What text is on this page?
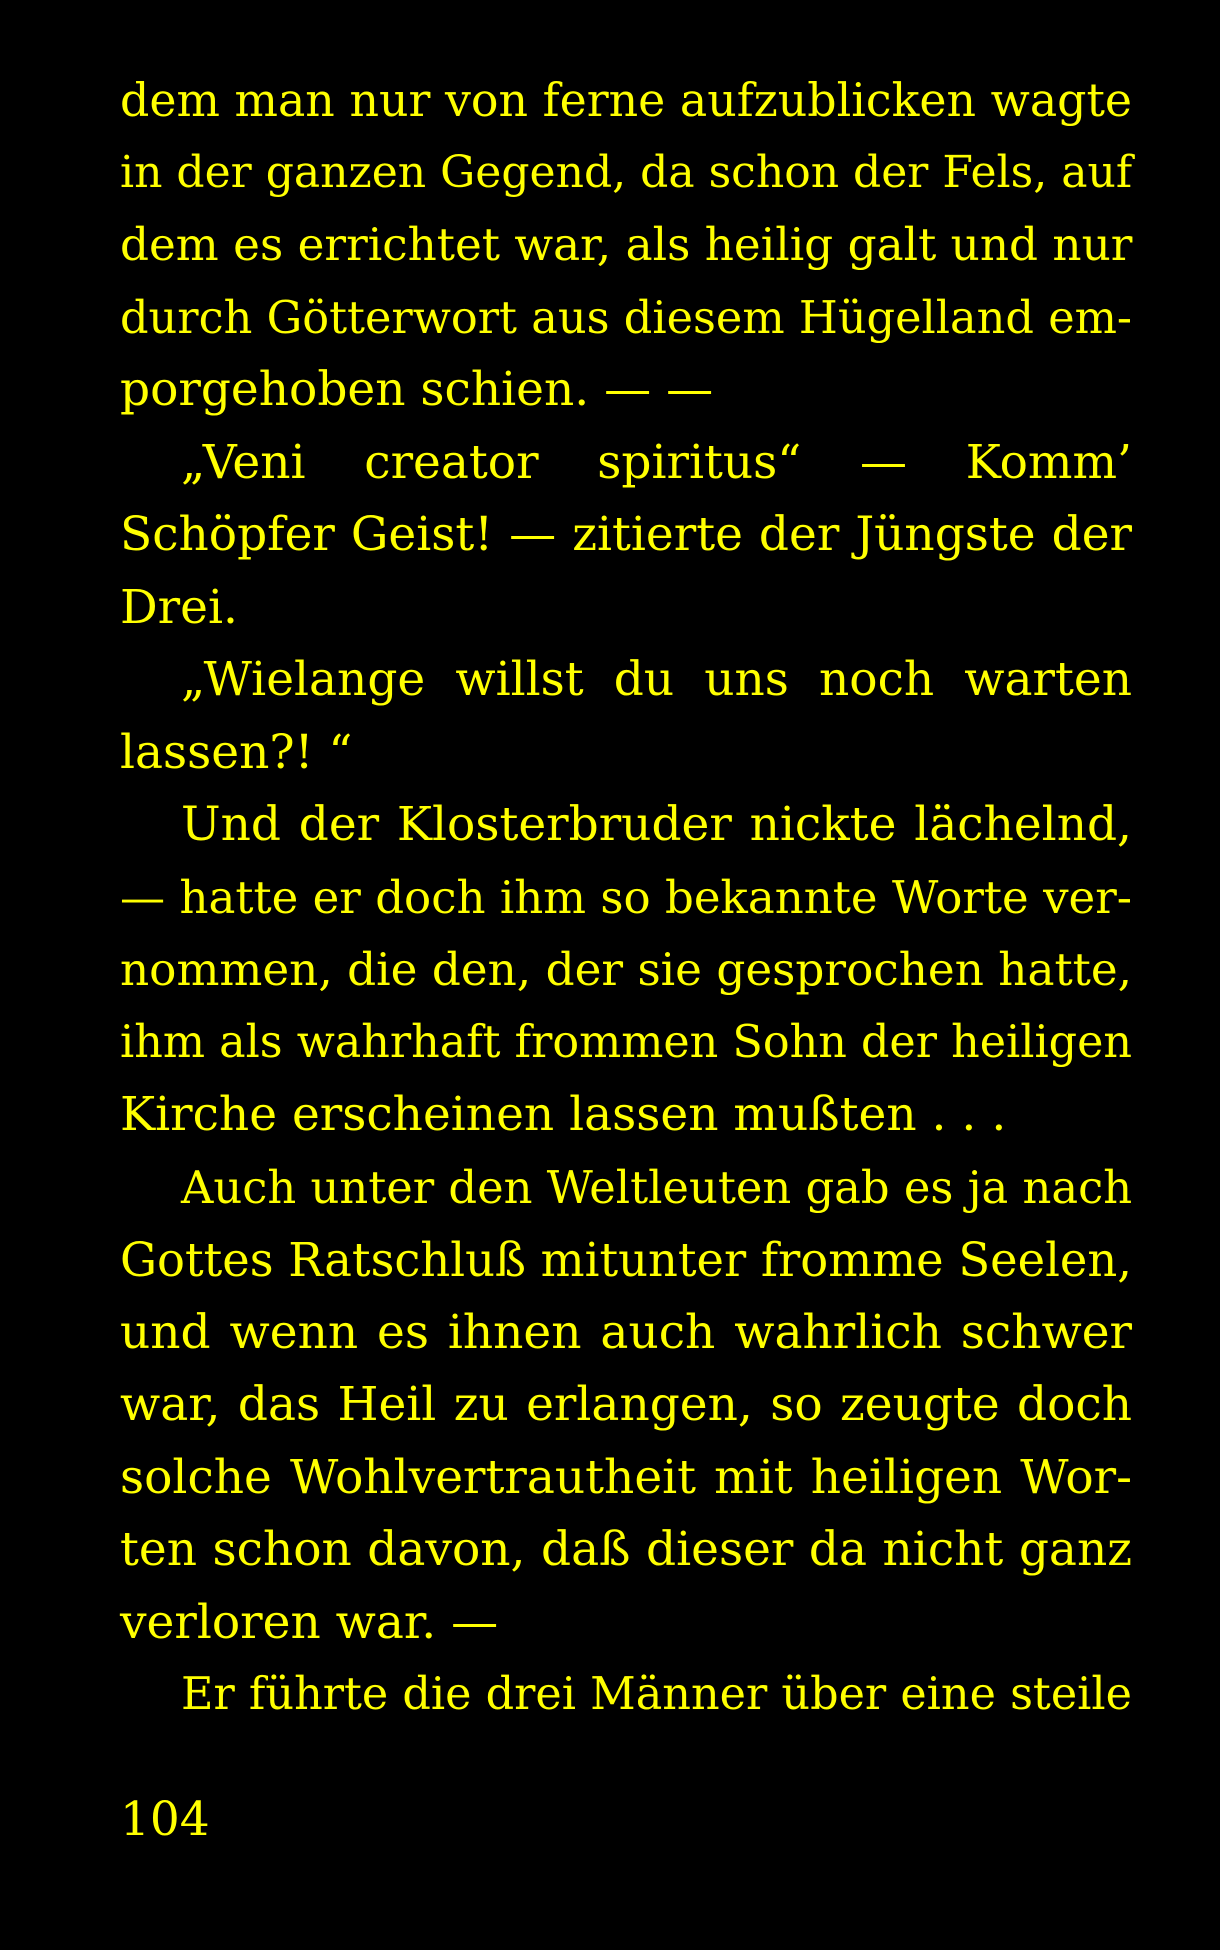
dem man nur von ferne aufzublicken wagte
in der ganzen Gegend, da schon der Fels, auf
dem es errichtet war, als heilig galt und nur
durch Götterwort aus diesem Hügelland em-
porgehoben schien. — —
„Veni creator spiritus“ — Komm’
Schöpfer Geist! — zitierte der Jüngste der
Drei.
„Wielange willst du uns noch warten
lassen?! “
Und der Klosterbruder nickte lächelnd,
— hatte er doch ihm so bekannte Worte ver-
nommen, die den, der sie gesprochen hatte,
ihm als wahrhaft frommen Sohn der heiligen
Kirche erscheinen lassen mußten . . .
Auch unter den Weltleuten gab es ja nach
Gottes Ratschluß mitunter fromme Seelen,
und wenn es ihnen auch wahrlich schwer
war, das Heil zu erlangen, so zeugte doch
solche Wohlvertrautheit mit heiligen Wor-
ten schon davon, daß dieser da nicht ganz
verloren war. —
Er führte die drei Männer über eine steile
104
